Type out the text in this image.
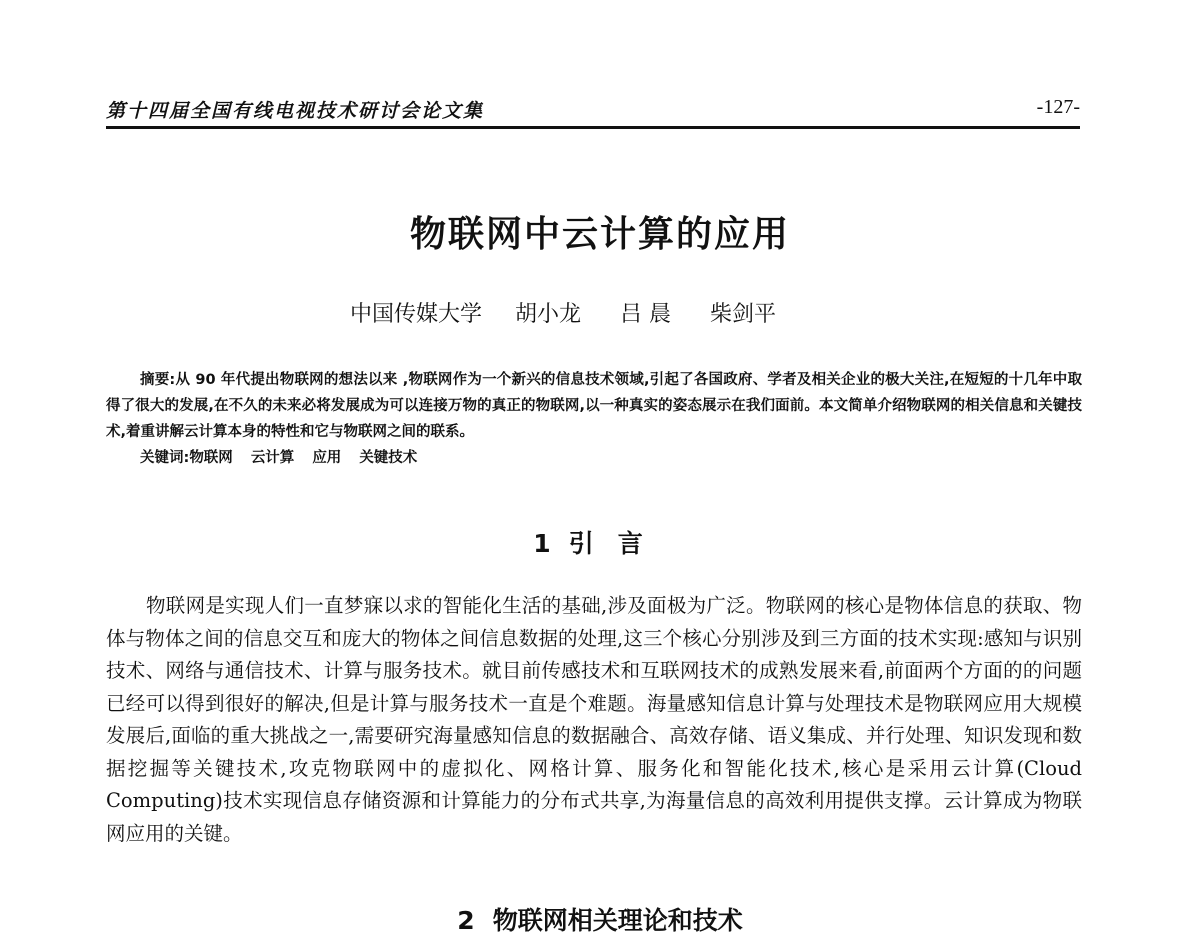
第十四届全国有线电视技术研讨会论文集	-127-
物联网中云计算的应用
中国传媒大学 胡小龙 吕 晨 柴剑平

摘要:从 90 年代提出物联网的想法以来 ,物联网作为一个新兴的信息技术领域,引起了各国政府、学者及相关企业的极大关注,在短短的十几年中取得了很大的发展,在不久的未来必将发展成为可以连接万物的真正的物联网,以一种真实的姿态展示在我们面前。本文简单介绍物联网的相关信息和关键技术,着重讲解云计算本身的特性和它与物联网之间的联系。

关键词:物联网 云计算 应用 关键技术

1 引言

物联网是实现人们一直梦寐以求的智能化生活的基础,涉及面极为广泛。物联网的核心是物体信息的获取、物体与物体之间的信息交互和庞大的物体之间信息数据的处理,这三个核心分别涉及到三方面的技术实现:感知与识别技术、网络与通信技术、计算与服务技术。就目前传感技术和互联网技术的成熟发展来看,前面两个方面的的问题已经可以得到很好的解决,但是计算与服务技术一直是个难题。海量感知信息计算与处理技术是物联网应用大规模发展后,面临的重大挑战之一,需要研究海量感知信息的数据融合、高效存储、语义集成、并行处理、知识发现和数据挖掘等关键技术,攻克物联网中的虚拟化、网格计算、服务化和智能化技术,核心是采用云计算(Cloud Computing)技术实现信息存储资源和计算能力的分布式共享,为海量信息的高效利用提供支撑。云计算成为物联网应用的关键。

2 物联网相关理论和技术
